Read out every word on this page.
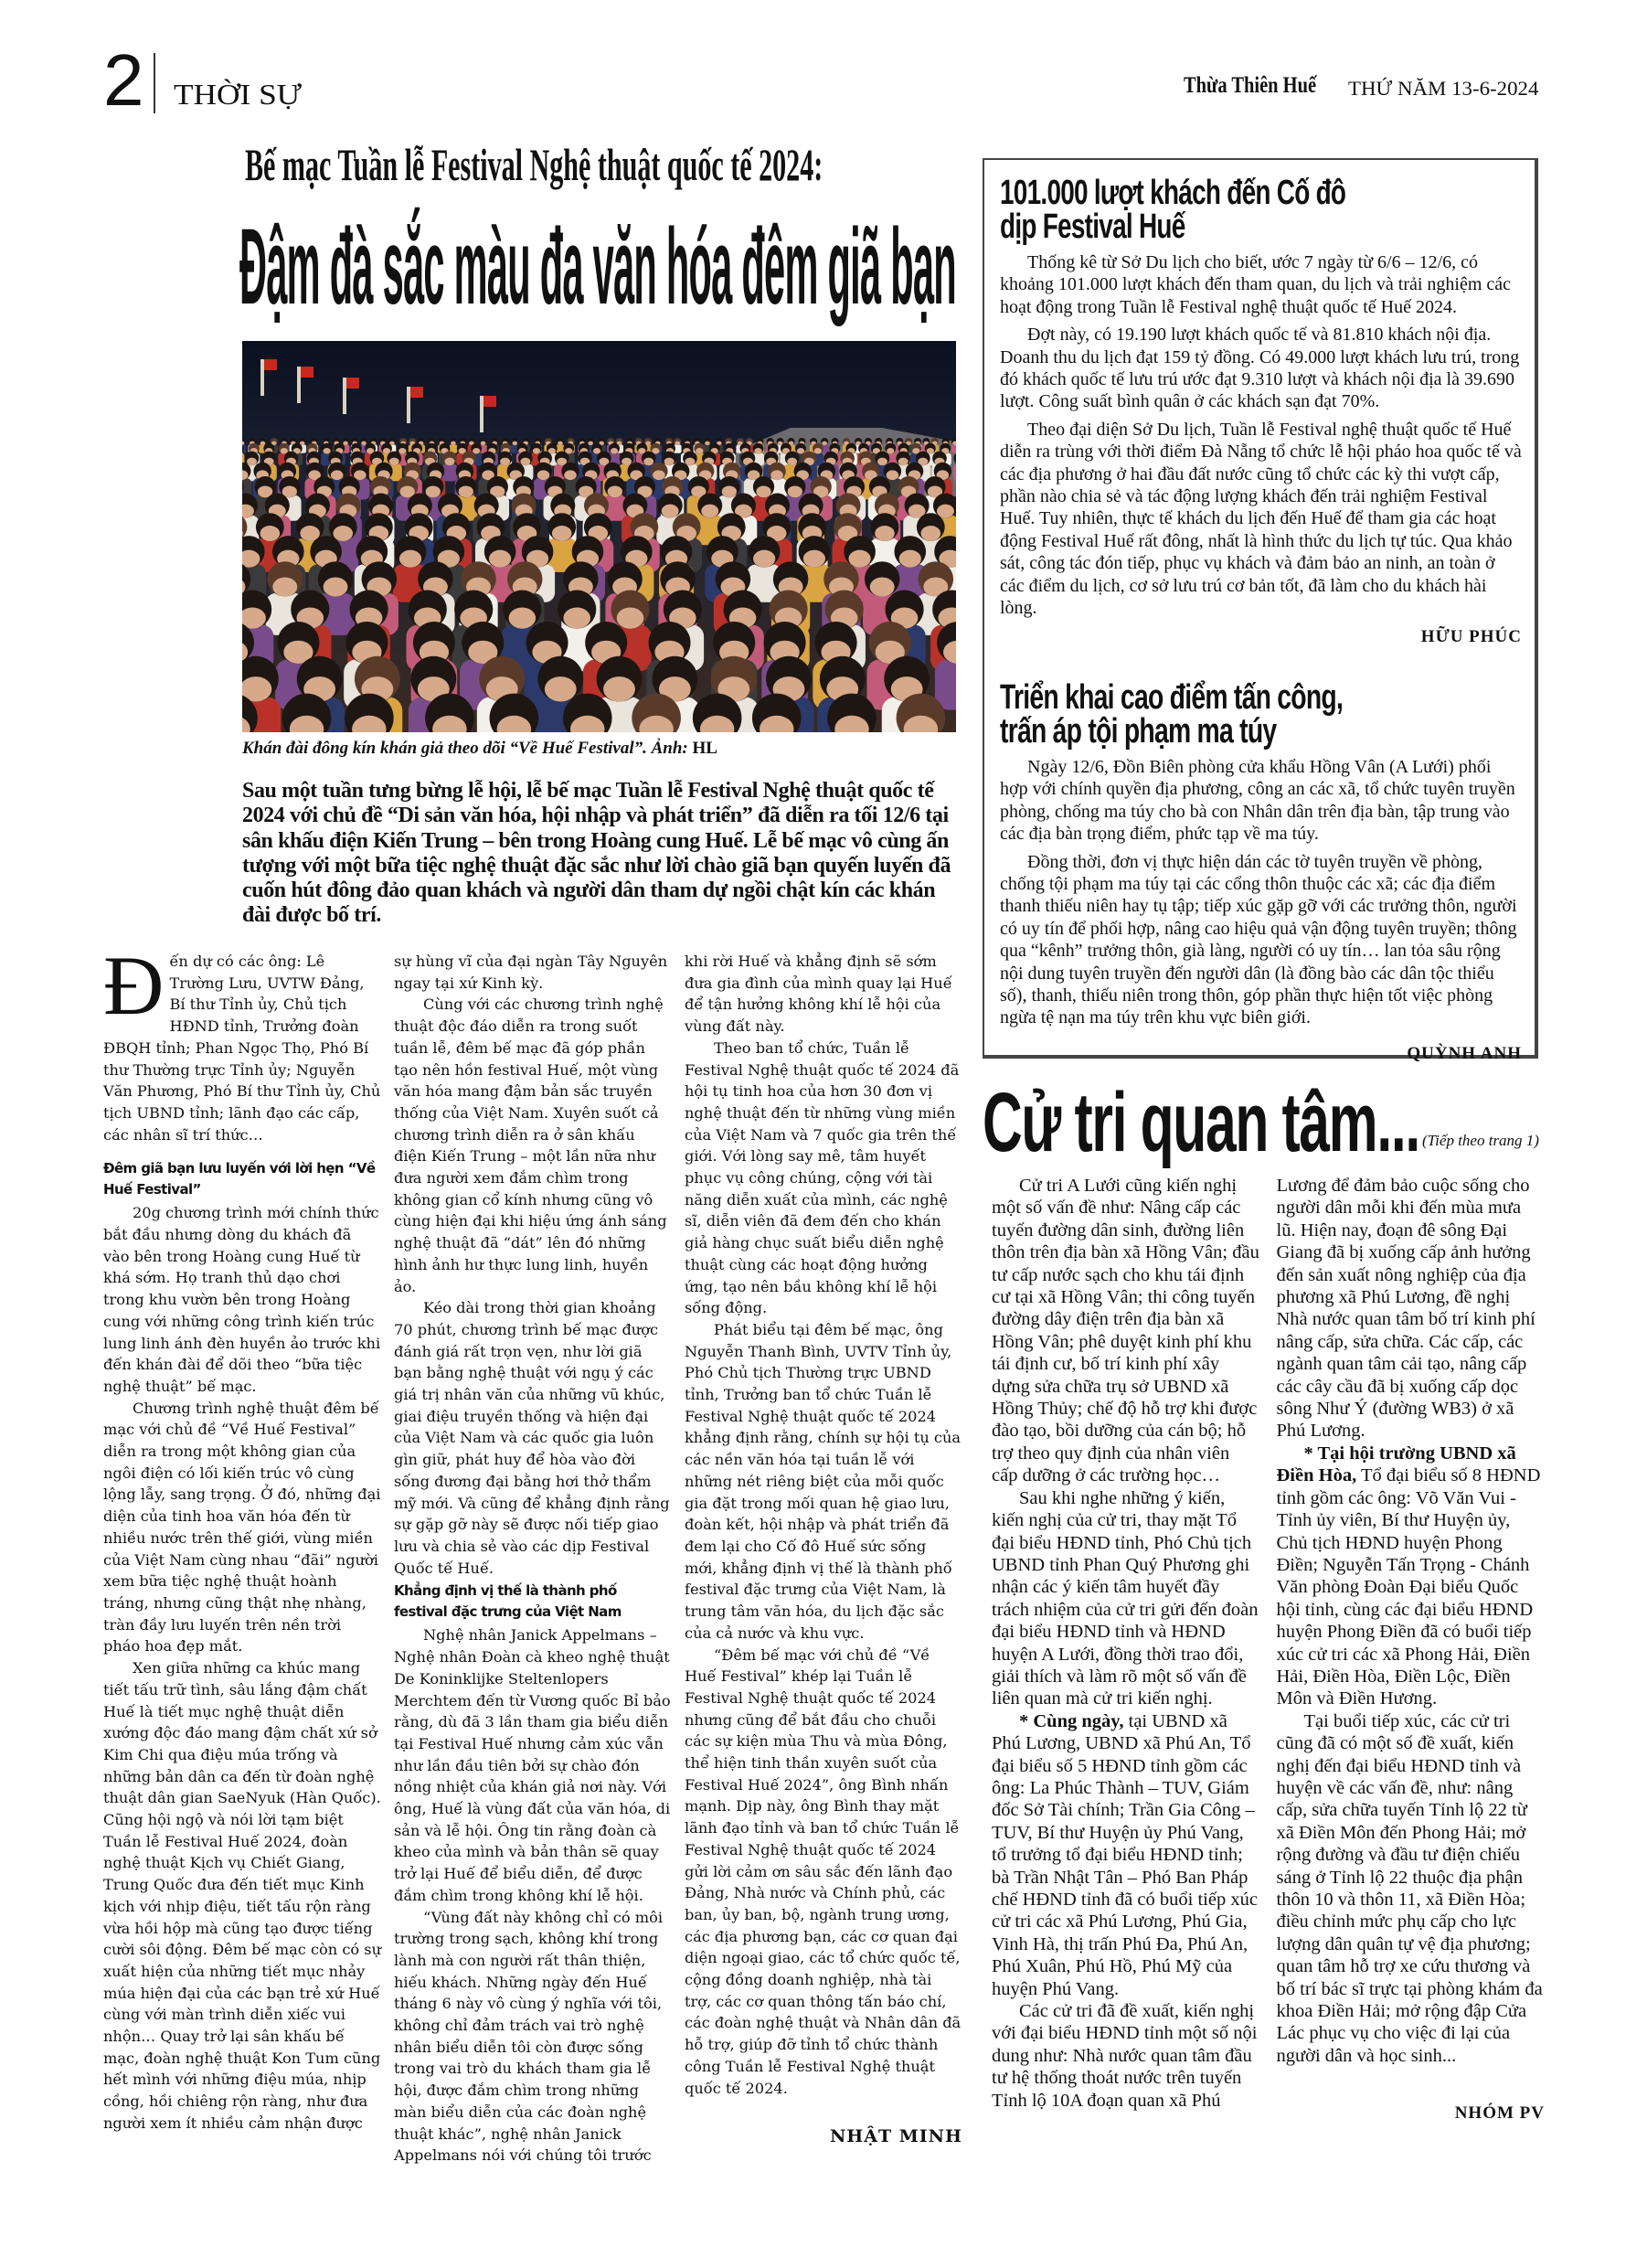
2 THỜI SỰ	Thừa Thiên Huế	THỨ NĂM 13-6-2024
Bế mạc Tuần lễ Festival Nghệ thuật quốc tế 2024:
Đậm đà sắc màu đa văn hóa đêm giã bạn
Khán đài đông kín khán giả theo dõi “Về Huế Festival”. Ảnh: HL
Sau một tuần tưng bừng lễ hội, lễ bế mạc Tuần lễ Festival Nghệ thuật quốc tế 2024 với chủ đề “Di sản văn hóa, hội nhập và phát triển” đã diễn ra tối 12/6 tại sân khấu điện Kiến Trung – bên trong Hoàng cung Huế. Lễ bế mạc vô cùng ấn tượng với một bữa tiệc nghệ thuật đặc sắc như lời chào giã bạn quyến luyến đã cuốn hút đông đảo quan khách và người dân tham dự ngồi chật kín các khán đài được bố trí.

Đến dự có các ông: Lê Trường Lưu, UVTW Đảng, Bí thư Tỉnh ủy, Chủ tịch HĐND tỉnh, Trưởng đoàn ĐBQH tỉnh; Phan Ngọc Thọ, Phó Bí thư Thường trực Tỉnh ủy; Nguyễn Văn Phương, Phó Bí thư Tỉnh ủy, Chủ tịch UBND tỉnh; lãnh đạo các cấp, các nhân sĩ trí thức…

Đêm giã bạn lưu luyến với lời hẹn “Về Huế Festival”

20g chương trình mới chính thức bắt đầu nhưng dòng du khách đã vào bên trong Hoàng cung Huế từ khá sớm. Họ tranh thủ dạo chơi trong khu vườn bên trong Hoàng cung với những công trình kiến trúc lung linh ánh đèn huyền ảo trước khi đến khán đài để dõi theo “bữa tiệc nghệ thuật” bế mạc.

Chương trình nghệ thuật đêm bế mạc với chủ đề “Về Huế Festival” diễn ra trong một không gian của ngôi điện có lối kiến trúc vô cùng lộng lẫy, sang trọng. Ở đó, những đại diện của tinh hoa văn hóa đến từ nhiều nước trên thế giới, vùng miền của Việt Nam cùng nhau “đãi” người xem bữa tiệc nghệ thuật hoành tráng, nhưng cũng thật nhẹ nhàng, tràn đầy lưu luyến trên nền trời pháo hoa đẹp mắt.

Xen giữa những ca khúc mang tiết tấu trữ tình, sâu lắng đậm chất Huế là tiết mục nghệ thuật diễn xướng độc đáo mang đậm chất xứ sở Kim Chi qua điệu múa trống và những bản dân ca đến từ đoàn nghệ thuật dân gian SaeNyuk (Hàn Quốc). Cũng hội ngộ và nói lời tạm biệt Tuần lễ Festival Huế 2024, đoàn nghệ thuật Kịch vụ Chiết Giang, Trung Quốc đưa đến tiết mục Kinh kịch với nhịp điệu, tiết tấu rộn ràng vừa hồi hộp mà cũng tạo được tiếng cười sôi động. Đêm bế mạc còn có sự xuất hiện của những tiết mục nhảy múa hiện đại của các bạn trẻ xứ Huế cùng với màn trình diễn xiếc vui nhộn… Quay trở lại sân khấu bế mạc, đoàn nghệ thuật Kon Tum cũng hết mình với những điệu múa, nhịp cồng, hồi chiêng rộn ràng, như đưa người xem ít nhiều cảm nhận được sự hùng vĩ của đại ngàn Tây Nguyên ngay tại xứ Kinh kỳ.

Cùng với các chương trình nghệ thuật độc đáo diễn ra trong suốt tuần lễ, đêm bế mạc đã góp phần tạo nên hồn festival Huế, một vùng văn hóa mang đậm bản sắc truyền thống của Việt Nam. Xuyên suốt cả chương trình diễn ra ở sân khấu điện Kiến Trung – một lần nữa như đưa người xem đắm chìm trong không gian cổ kính nhưng cũng vô cùng hiện đại khi hiệu ứng ánh sáng nghệ thuật đã “dát” lên đó những hình ảnh hư thực lung linh, huyền ảo.

Kéo dài trong thời gian khoảng 70 phút, chương trình bế mạc được đánh giá rất trọn vẹn, như lời giã bạn bằng nghệ thuật với ngụ ý các giá trị nhân văn của những vũ khúc, giai điệu truyền thống và hiện đại của Việt Nam và các quốc gia luôn gìn giữ, phát huy để hòa vào đời sống đương đại bằng hơi thở thẩm mỹ mới. Và cũng để khẳng định rằng sự gặp gỡ này sẽ được nối tiếp giao lưu và chia sẻ vào các dịp Festival Quốc tế Huế.

Khẳng định vị thế là thành phố festival đặc trưng của Việt Nam

Nghệ nhân Janick Appelmans – Nghệ nhân Đoàn cà kheo nghệ thuật De Koninklijke Steltenlopers Merchtem đến từ Vương quốc Bỉ bảo rằng, dù đã 3 lần tham gia biểu diễn tại Festival Huế nhưng cảm xúc vẫn như lần đầu tiên bởi sự chào đón nồng nhiệt của khán giả nơi này. Với ông, Huế là vùng đất của văn hóa, di sản và lễ hội. Ông tin rằng đoàn cà kheo của mình và bản thân sẽ quay trở lại Huế để biểu diễn, để được đắm chìm trong không khí lễ hội.

“Vùng đất này không chỉ có môi trường trong sạch, không khí trong lành mà con người rất thân thiện, hiếu khách. Những ngày đến Huế tháng 6 này vô cùng ý nghĩa với tôi, không chỉ đảm trách vai trò nghệ nhân biểu diễn tôi còn được sống trong vai trò du khách tham gia lễ hội, được đắm chìm trong những màn biểu diễn của các đoàn nghệ thuật khác”, nghệ nhân Janick Appelmans nói với chúng tôi trước khi rời Huế và khẳng định sẽ sớm đưa gia đình của mình quay lại Huế để tận hưởng không khí lễ hội của vùng đất này.

Theo ban tổ chức, Tuần lễ Festival Nghệ thuật quốc tế 2024 đã hội tụ tinh hoa của hơn 30 đơn vị nghệ thuật đến từ những vùng miền của Việt Nam và 7 quốc gia trên thế giới. Với lòng say mê, tâm huyết phục vụ công chúng, cộng với tài năng diễn xuất của mình, các nghệ sĩ, diễn viên đã đem đến cho khán giả hàng chục suất biểu diễn nghệ thuật cùng các hoạt động hưởng ứng, tạo nên bầu không khí lễ hội sống động.

Phát biểu tại đêm bế mạc, ông Nguyễn Thanh Bình, UVTV Tỉnh ủy, Phó Chủ tịch Thường trực UBND tỉnh, Trưởng ban tổ chức Tuần lễ Festival Nghệ thuật quốc tế 2024 khẳng định rằng, chính sự hội tụ của các nền văn hóa tại tuần lễ với những nét riêng biệt của mỗi quốc gia đặt trong mối quan hệ giao lưu, đoàn kết, hội nhập và phát triển đã đem lại cho Cố đô Huế sức sống mới, khẳng định vị thế là thành phố festival đặc trưng của Việt Nam, là trung tâm văn hóa, du lịch đặc sắc của cả nước và khu vực.

“Đêm bế mạc với chủ đề “Về Huế Festival” khép lại Tuần lễ Festival Nghệ thuật quốc tế 2024 nhưng cũng để bắt đầu cho chuỗi các sự kiện mùa Thu và mùa Đông, thể hiện tinh thần xuyên suốt của Festival Huế 2024”, ông Bình nhấn mạnh. Dịp này, ông Bình thay mặt lãnh đạo tỉnh và ban tổ chức Tuần lễ Festival Nghệ thuật quốc tế 2024 gửi lời cảm ơn sâu sắc đến lãnh đạo Đảng, Nhà nước và Chính phủ, các ban, ủy ban, bộ, ngành trung ương, các địa phương bạn, các cơ quan đại diện ngoại giao, các tổ chức quốc tế, cộng đồng doanh nghiệp, nhà tài trợ, các cơ quan thông tấn báo chí, các đoàn nghệ thuật và Nhân dân đã hỗ trợ, giúp đỡ tỉnh tổ chức thành công Tuần lễ Festival Nghệ thuật quốc tế 2024.

NHẬT MINH

101.000 lượt khách đến Cố đô
dịp Festival Huế

Thống kê từ Sở Du lịch cho biết, ước 7 ngày từ 6/6 – 12/6, có khoảng 101.000 lượt khách đến tham quan, du lịch và trải nghiệm các hoạt động trong Tuần lễ Festival nghệ thuật quốc tế Huế 2024.

Đợt này, có 19.190 lượt khách quốc tế và 81.810 khách nội địa. Doanh thu du lịch đạt 159 tỷ đồng. Có 49.000 lượt khách lưu trú, trong đó khách quốc tế lưu trú ước đạt 9.310 lượt và khách nội địa là 39.690 lượt. Công suất bình quân ở các khách sạn đạt 70%.

Theo đại diện Sở Du lịch, Tuần lễ Festival nghệ thuật quốc tế Huế diễn ra trùng với thời điểm Đà Nẵng tổ chức lễ hội pháo hoa quốc tế và các địa phương ở hai đầu đất nước cũng tổ chức các kỳ thi vượt cấp, phần nào chia sẻ và tác động lượng khách đến trải nghiệm Festival Huế. Tuy nhiên, thực tế khách du lịch đến Huế để tham gia các hoạt động Festival Huế rất đông, nhất là hình thức du lịch tự túc. Qua khảo sát, công tác đón tiếp, phục vụ khách và đảm bảo an ninh, an toàn ở các điểm du lịch, cơ sở lưu trú cơ bản tốt, đã làm cho du khách hài lòng.

HỮU PHÚC

Triển khai cao điểm tấn công,
trấn áp tội phạm ma túy

Ngày 12/6, Đồn Biên phòng cửa khẩu Hồng Vân (A Lưới) phối hợp với chính quyền địa phương, công an các xã, tổ chức tuyên truyền phòng, chống ma túy cho bà con Nhân dân trên địa bàn, tập trung vào các địa bàn trọng điểm, phức tạp về ma túy.

Đồng thời, đơn vị thực hiện dán các tờ tuyên truyền về phòng, chống tội phạm ma túy tại các cổng thôn thuộc các xã; các địa điểm thanh thiếu niên hay tụ tập; tiếp xúc gặp gỡ với các trưởng thôn, người có uy tín để phối hợp, nâng cao hiệu quả vận động tuyên truyền; thông qua “kênh” trưởng thôn, già làng, người có uy tín… lan tỏa sâu rộng nội dung tuyên truyền đến người dân (là đồng bào các dân tộc thiểu số), thanh, thiếu niên trong thôn, góp phần thực hiện tốt việc phòng ngừa tệ nạn ma túy trên khu vực biên giới.

QUỲNH ANH

Cử tri quan tâm... (Tiếp theo trang 1)

Cử tri A Lưới cũng kiến nghị một số vấn đề như: Nâng cấp các tuyến đường dân sinh, đường liên thôn trên địa bàn xã Hồng Vân; đầu tư cấp nước sạch cho khu tái định cư tại xã Hồng Vân; thi công tuyến đường dây điện trên địa bàn xã Hồng Vân; phê duyệt kinh phí khu tái định cư, bố trí kinh phí xây dựng sửa chữa trụ sở UBND xã Hồng Thủy; chế độ hỗ trợ khi được đào tạo, bồi dưỡng của cán bộ; hỗ trợ theo quy định của nhân viên cấp dưỡng ở các trường học…

Sau khi nghe những ý kiến, kiến nghị của cử tri, thay mặt Tổ đại biểu HĐND tỉnh, Phó Chủ tịch UBND tỉnh Phan Quý Phương ghi nhận các ý kiến tâm huyết đầy trách nhiệm của cử tri gửi đến đoàn đại biểu HĐND tỉnh và HĐND huyện A Lưới, đồng thời trao đổi, giải thích và làm rõ một số vấn đề liên quan mà cử tri kiến nghị.

* Cùng ngày, tại UBND xã Phú Lương, UBND xã Phú An, Tổ đại biểu số 5 HĐND tỉnh gồm các ông: La Phúc Thành – TUV, Giám đốc Sở Tài chính; Trần Gia Công – TUV, Bí thư Huyện ủy Phú Vang, tổ trưởng tổ đại biểu HĐND tỉnh; bà Trần Nhật Tân – Phó Ban Pháp chế HĐND tỉnh đã có buổi tiếp xúc cử tri các xã Phú Lương, Phú Gia, Vinh Hà, thị trấn Phú Đa, Phú An, Phú Xuân, Phú Hồ, Phú Mỹ của huyện Phú Vang.

Các cử tri đã đề xuất, kiến nghị với đại biểu HĐND tỉnh một số nội dung như: Nhà nước quan tâm đầu tư hệ thống thoát nước trên tuyến Tỉnh lộ 10A đoạn quan xã Phú Lương để đảm bảo cuộc sống cho người dân mỗi khi đến mùa mưa lũ. Hiện nay, đoạn đê sông Đại Giang đã bị xuống cấp ảnh hưởng đến sản xuất nông nghiệp của địa phương xã Phú Lương, đề nghị Nhà nước quan tâm bố trí kinh phí nâng cấp, sửa chữa. Các cấp, các ngành quan tâm cải tạo, nâng cấp các cây cầu đã bị xuống cấp dọc sông Như Ý (đường WB3) ở xã Phú Lương.

* Tại hội trường UBND xã Điền Hòa, Tổ đại biểu số 8 HĐND tỉnh gồm các ông: Võ Văn Vui - Tỉnh ủy viên, Bí thư Huyện ủy, Chủ tịch HĐND huyện Phong Điền; Nguyễn Tấn Trọng - Chánh Văn phòng Đoàn Đại biểu Quốc hội tỉnh, cùng các đại biểu HĐND huyện Phong Điền đã có buổi tiếp xúc cử tri các xã Phong Hải, Điền Hải, Điền Hòa, Điền Lộc, Điền Môn và Điền Hương.

Tại buổi tiếp xúc, các cử tri cũng đã có một số đề xuất, kiến nghị đến đại biểu HĐND tỉnh và huyện về các vấn đề, như: nâng cấp, sửa chữa tuyến Tỉnh lộ 22 từ xã Điền Môn đến Phong Hải; mở rộng đường và đầu tư điện chiếu sáng ở Tỉnh lộ 22 thuộc địa phận thôn 10 và thôn 11, xã Điền Hòa; điều chỉnh mức phụ cấp cho lực lượng dân quân tự vệ địa phương; quan tâm hỗ trợ xe cứu thương và bố trí bác sĩ trực tại phòng khám đa khoa Điền Hải; mở rộng đập Cửa Lác phục vụ cho việc đi lại của người dân và học sinh...

NHÓM PV
